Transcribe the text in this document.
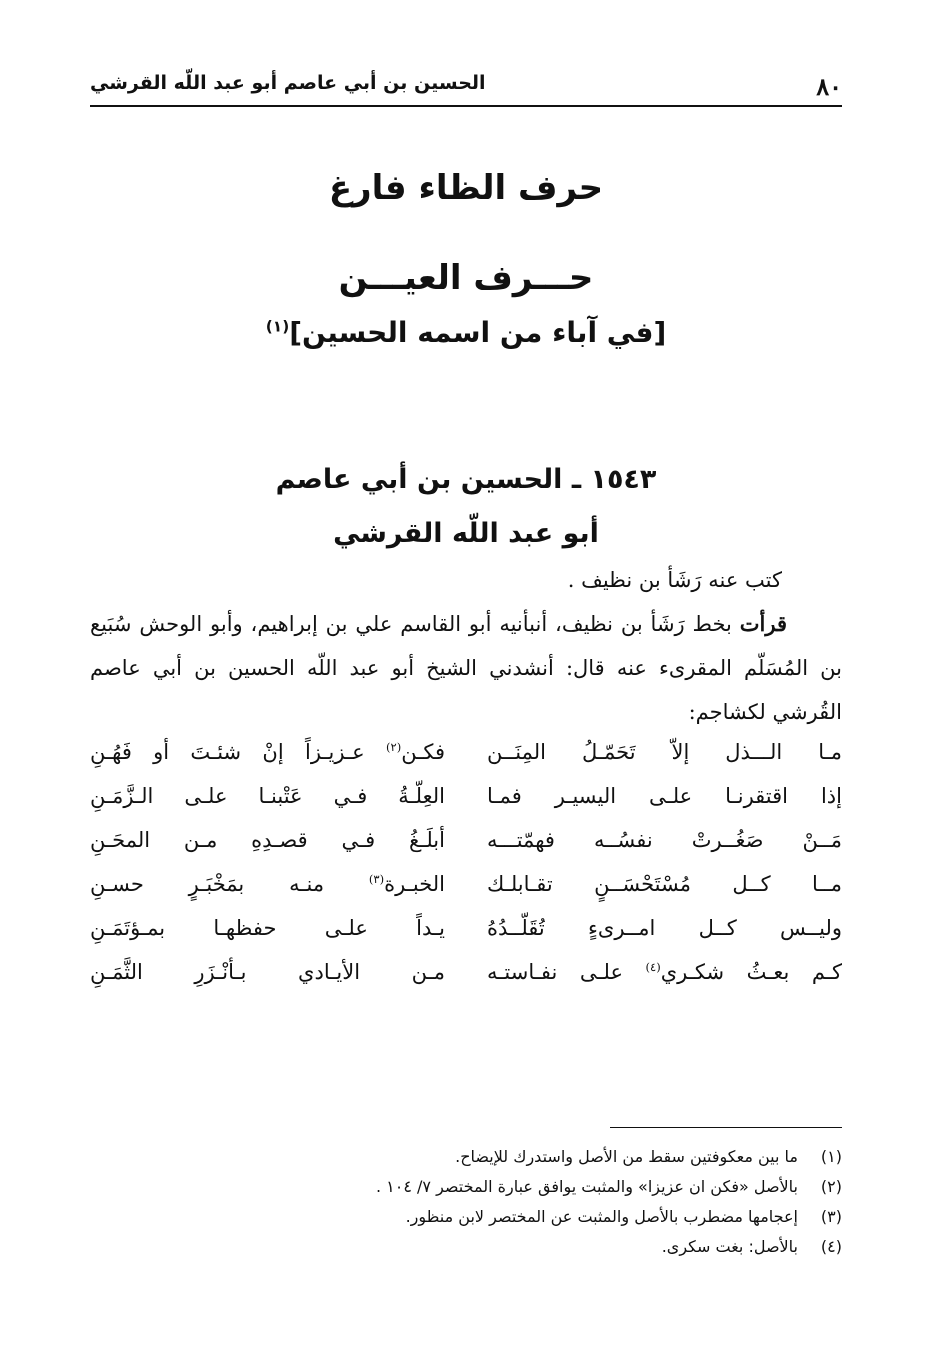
٨٠
الحسين بن أبي عاصم أبو عبد اللّه القرشي
حرف الظاء فارغ
حـــرف العيـــن
[في آباء من اسمه الحسين]$^{(١)}$
١٥٤٣ ـ الحسين بن أبي عاصم
أبو عبد اللّه القرشي
كتب عنه رَشَأ بن نظيف .
قرأت بخط رَشَأ بن نظيف، أنبأنيه أبو القاسم علي بن إبراهيم، وأبو الوحش سُبَيع بن المُسَلّم المقرىء عنه قال: أنشدني الشيخ أبو عبد اللّه الحسين بن أبي عاصم القُرشي لكشاجم:
مـا الـــذل إلاّ تَحَمّـلُ المِنَــن
فكـن$^{(٢)}$ عـزيـزاً إنْ شئـتَ أو فَهُـنِ
إذا اقتقرنـا علـى اليسيـر فمـا
العِلّـةُ فـي عَتْبنـا علـى الـزَّمَـنِ
مَــنْ صَغُــرتْ نفسُــه فهمّتـــه
أبلَـغُ فـي قصـدِهِ مـن المحَـنِ
مــا كــل مُسْتَحْسَــنٍ تقـابلـك
الخبـرة$^{(٣)}$ منـه بمَخْبَـرٍ حسـنِ
وليــس كــل امــرىءٍ تُقَلّــدُهُ
يـداً علـى حفظهـا بمـؤتَمَـنِ
كـم بعـثُ شكـري$^{(٤)}$ علـى نفـاستـه
مـن الأيـادي بـأنْـزَرِ الثَّمَـنِ
(١)
ما بين معكوفتين سقط من الأصل واستدرك للإيضاح.
(٢)
بالأصل «فكن ان عزيزا» والمثبت يوافق عبارة المختصر ٧/ ١٠٤ .
(٣)
إعجامها مضطرب بالأصل والمثبت عن المختصر لابن منظور.
(٤)
بالأصل: بغت سكرى.
